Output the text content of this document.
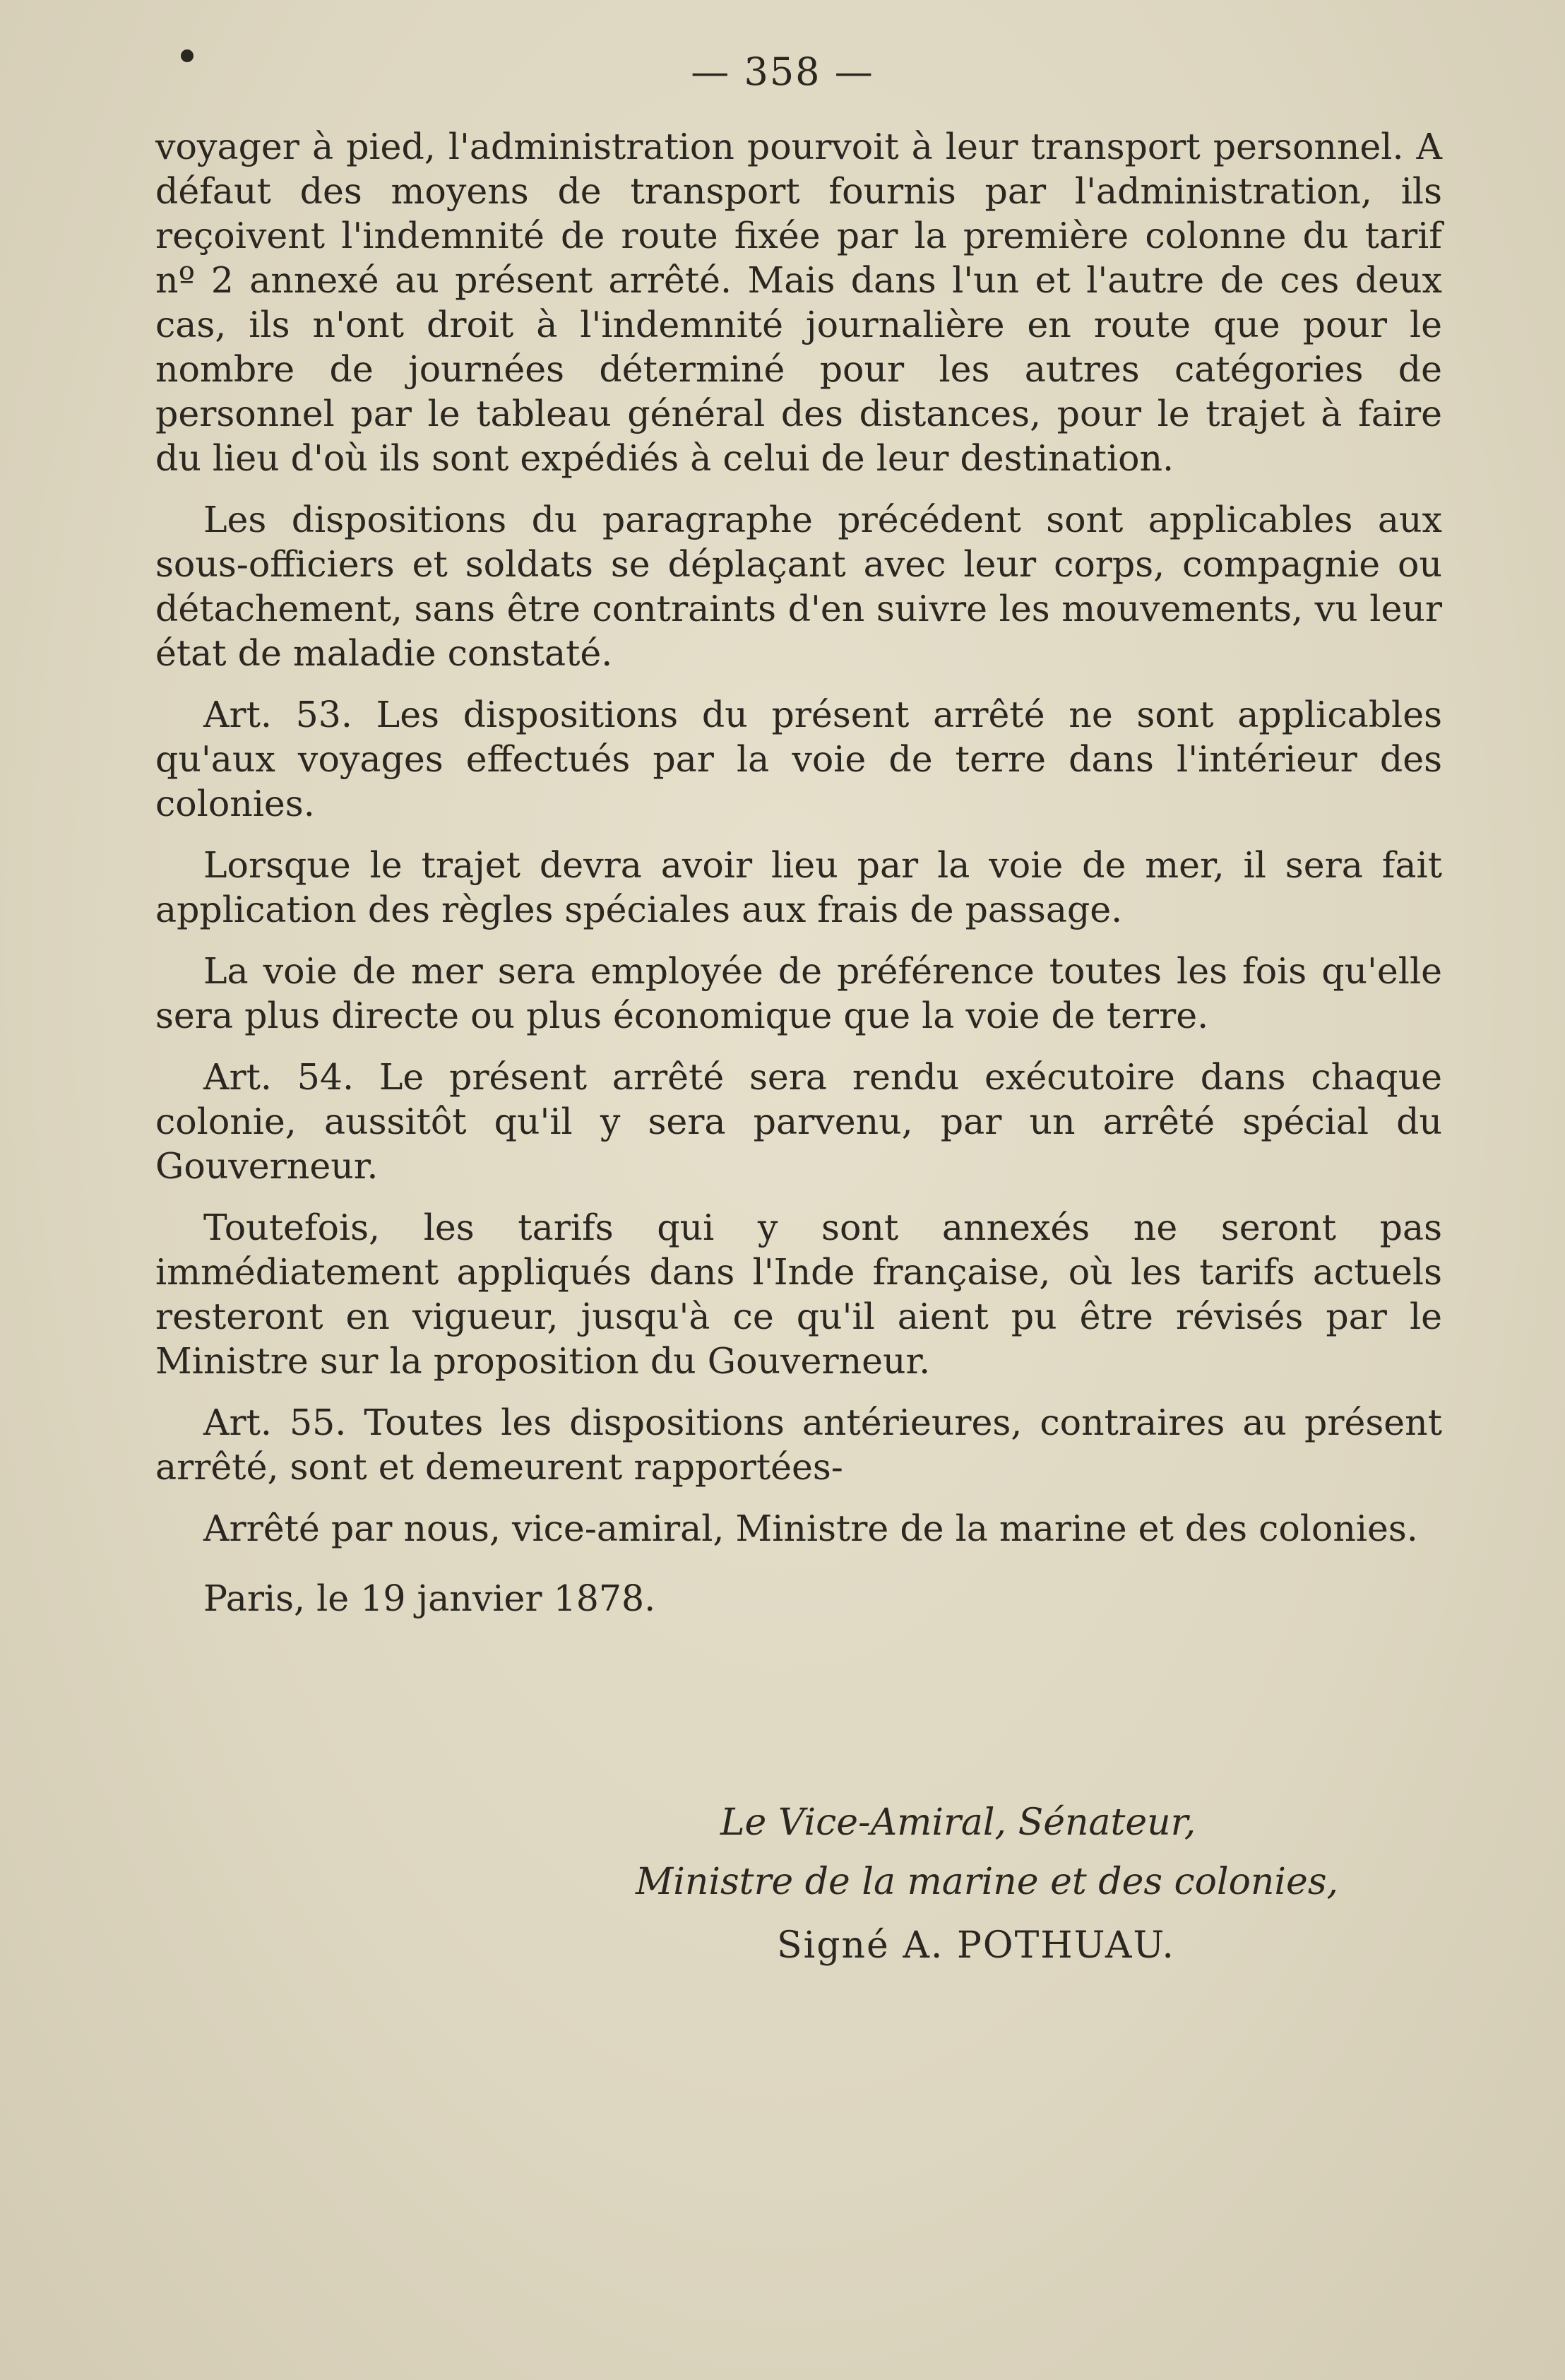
— 358 —

voyager à pied, l'administration pourvoit à leur transport personnel. A défaut des moyens de transport fournis par l'administration, ils reçoivent l'indemnité de route fixée par la première colonne du tarif nº 2 annexé au présent arrêté. Mais dans l'un et l'autre de ces deux cas, ils n'ont droit à l'indemnité journalière en route que pour le nombre de journées déterminé pour les autres catégories de personnel par le tableau général des distances, pour le trajet à faire du lieu d'où ils sont expédiés à celui de leur destination.

Les dispositions du paragraphe précédent sont applicables aux sous-officiers et soldats se déplaçant avec leur corps, compagnie ou détachement, sans être contraints d'en suivre les mouvements, vu leur état de maladie constaté.

Art. 53. Les dispositions du présent arrêté ne sont applicables qu'aux voyages effectués par la voie de terre dans l'intérieur des colonies.

Lorsque le trajet devra avoir lieu par la voie de mer, il sera fait application des règles spéciales aux frais de passage.

La voie de mer sera employée de préférence toutes les fois qu'elle sera plus directe ou plus économique que la voie de terre.

Art. 54. Le présent arrêté sera rendu exécutoire dans chaque colonie, aussitôt qu'il y sera parvenu, par un arrêté spécial du Gouverneur.

Toutefois, les tarifs qui y sont annexés ne seront pas immédiatement appliqués dans l'Inde française, où les tarifs actuels resteront en vigueur, jusqu'à ce qu'il aient pu être révisés par le Ministre sur la proposition du Gouverneur.

Art. 55. Toutes les dispositions antérieures, contraires au présent arrêté, sont et demeurent rapportées-

Arrêté par nous, vice-amiral, Ministre de la marine et des colonies.

Paris, le 19 janvier 1878.

Le Vice-Amiral, Sénateur,
Ministre de la marine et des colonies,
Signé A. POTHUAU.
